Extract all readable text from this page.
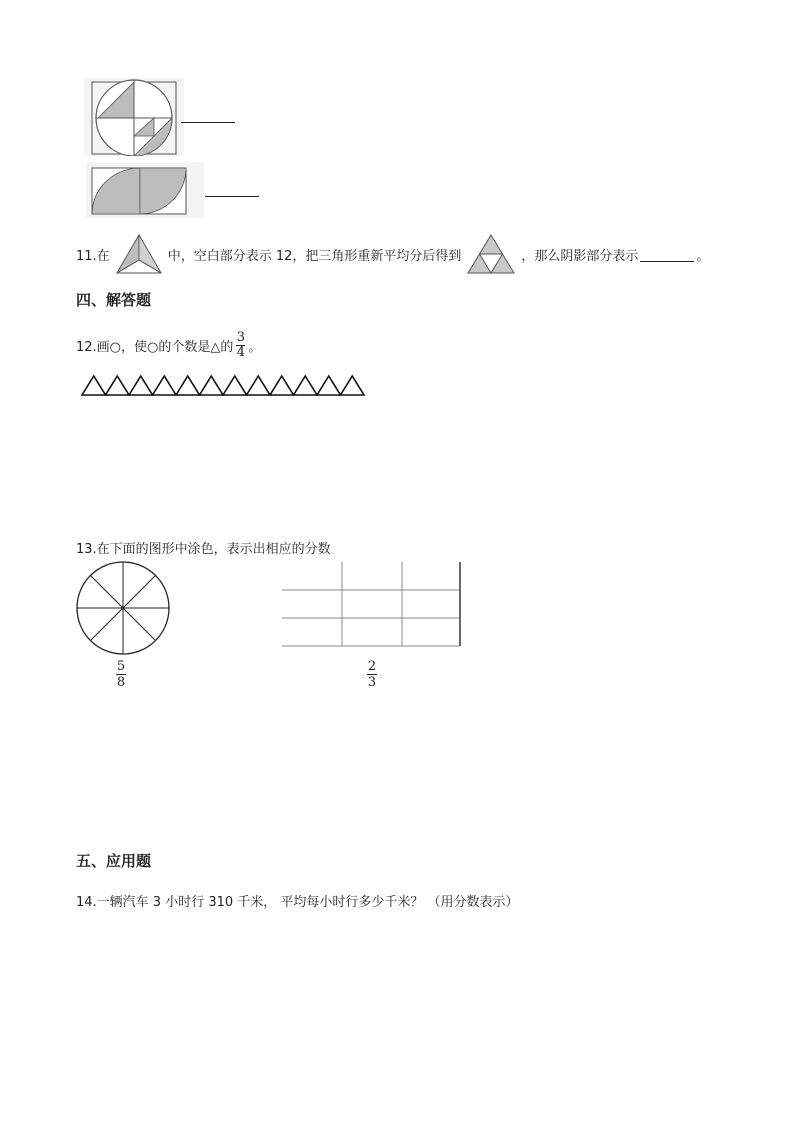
11.在	中，空白部分表示 12，把三角形重新平均分后得到	，那么阴影部分表示	。
四、解答题
12.画○，使○的个数是△的 $\frac{3}{4}$ 。
13.在下面的图形中涂色，表示出相应的分数
5
8
2
3
五、应用题
14.一辆汽车 3 小时行 310 千米， 平均每小时行多少千米？ （用分数表示）
